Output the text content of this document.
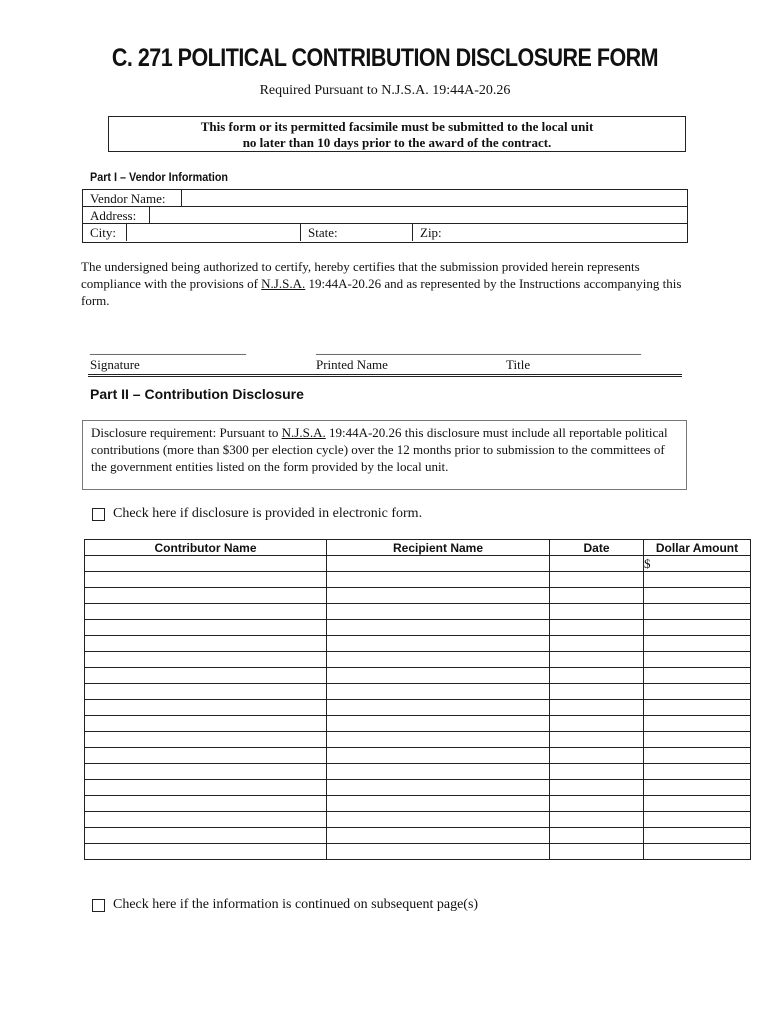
C. 271 POLITICAL CONTRIBUTION DISCLOSURE FORM
Required Pursuant to N.J.S.A. 19:44A-20.26
This form or its permitted facsimile must be submitted to the local unit
no later than 10 days prior to the award of the contract.
Part I – Vendor Information
Vendor Name:
Address:
City:	State:	Zip:
The undersigned being authorized to certify, hereby certifies that the submission provided herein represents compliance with the provisions of N.J.S.A. 19:44A-20.26 and as represented by the Instructions accompanying this form.
________________________	__________________________________________________
Signature	Printed Name	Title
Part II – Contribution Disclosure
Disclosure requirement: Pursuant to N.J.S.A. 19:44A-20.26 this disclosure must include all reportable political contributions (more than $300 per election cycle) over the 12 months prior to submission to the committees of the government entities listed on the form provided by the local unit.
Check here if disclosure is provided in electronic form.
Contributor Name	Recipient Name	Date	Dollar Amount
			$

Check here if the information is continued on subsequent page(s)
